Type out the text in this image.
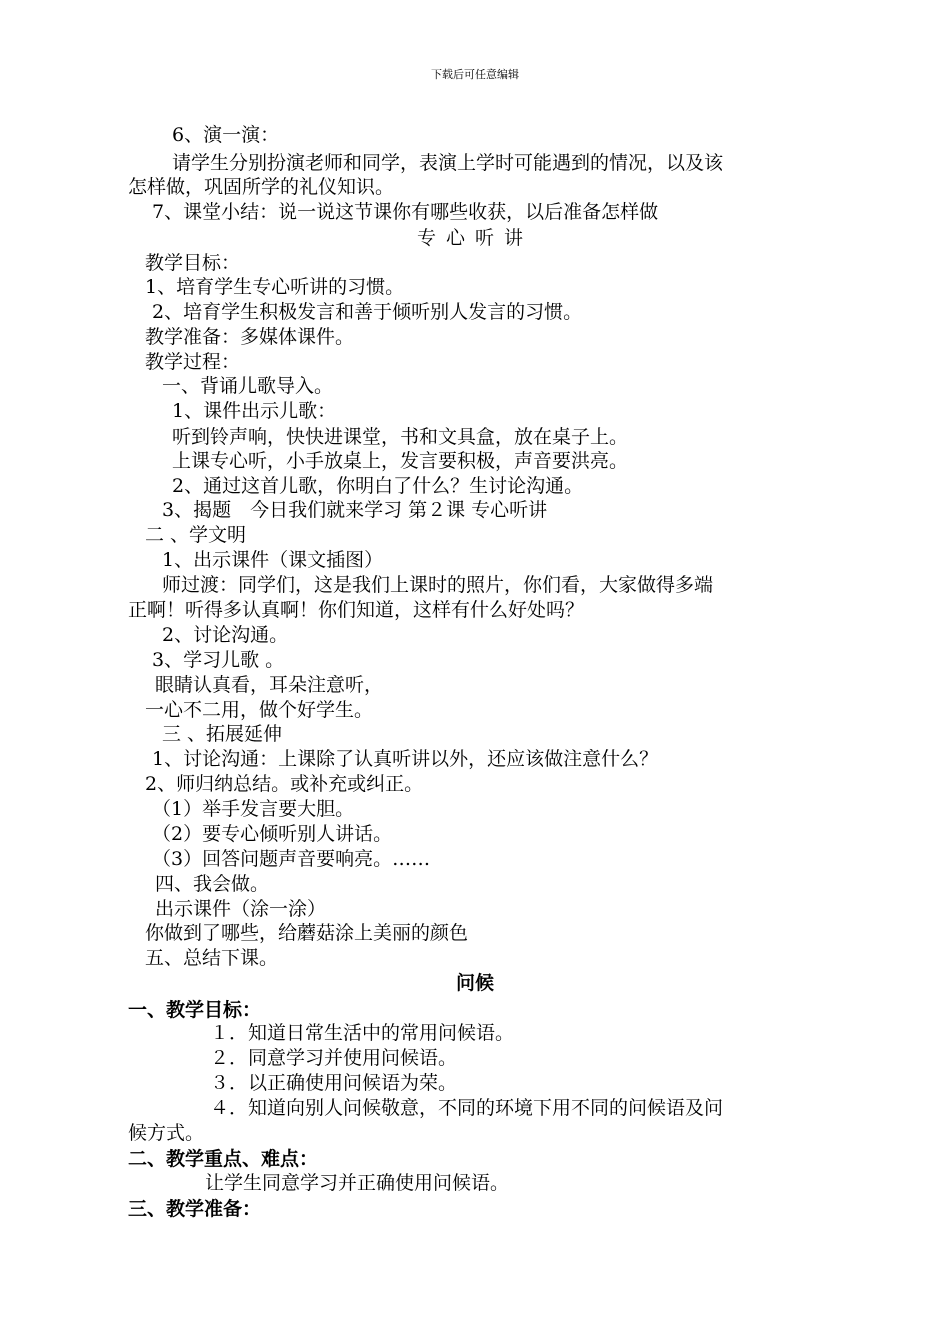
下载后可任意编辑
6、演一演：
请学生分别扮演老师和同学，表演上学时可能遇到的情况，以及该
怎样做，巩固所学的礼仪知识。
7、课堂小结：说一说这节课你有哪些收获，以后准备怎样做
专心听讲
教学目标：
1、培育学生专心听讲的习惯。
2、培育学生积极发言和善于倾听别人发言的习惯。
教学准备：多媒体课件。
教学过程：
一、背诵儿歌导入。
1、课件出示儿歌：
听到铃声响，快快进课堂，书和文具盒，放在桌子上。
上课专心听，小手放桌上，发言要积极，声音要洪亮。
2、通过这首儿歌，你明白了什么？生讨论沟通。
3、揭题　今日我们就来学习 第２课 专心听讲
二 、学文明
1、出示课件（课文插图）
师过渡：同学们，这是我们上课时的照片，你们看，大家做得多端
正啊！听得多认真啊！你们知道，这样有什么好处吗？
2、讨论沟通。
3、学习儿歌 。
眼睛认真看，耳朵注意听，
一心不二用，做个好学生。
三 、拓展延伸
1、讨论沟通：上课除了认真听讲以外，还应该做注意什么？
2、师归纳总结。或补充或纠正。
（1）举手发言要大胆。
（2）要专心倾听别人讲话。
（3）回答问题声音要响亮。……
四、我会做。
出示课件（涂一涂）
你做到了哪些，给蘑菇涂上美丽的颜色
五、总结下课。
问候
一、教学目标：
１．知道日常生活中的常用问候语。
２．同意学习并使用问候语。
３．以正确使用问候语为荣。
４．知道向别人问候敬意，不同的环境下用不同的问候语及问
候方式。
二、教学重点、难点：
让学生同意学习并正确使用问候语。
三、教学准备：
